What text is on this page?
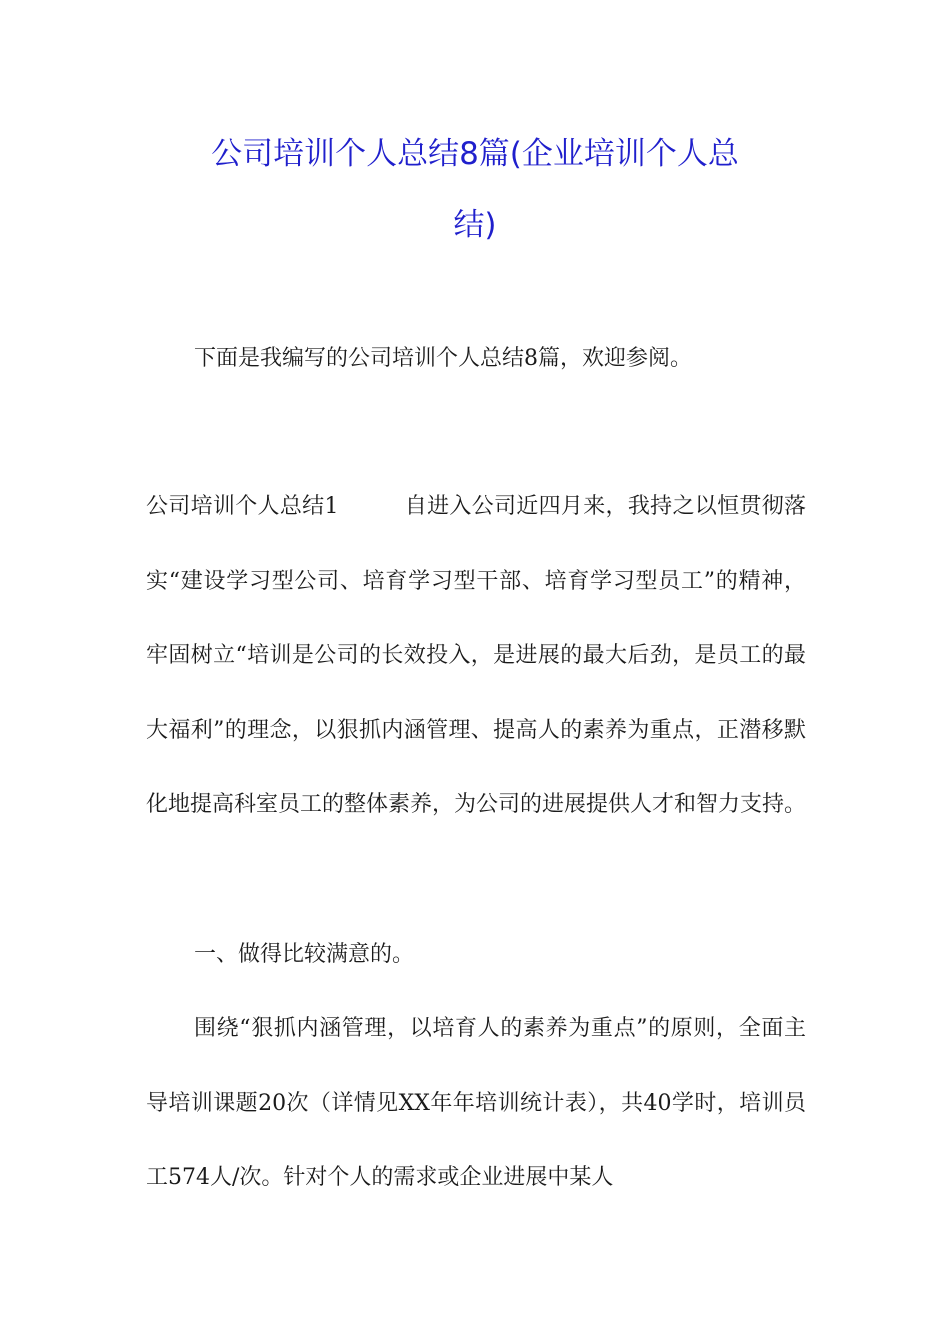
公司培训个人总结8篇(企业培训个人总
结)
下面是我编写的公司培训个人总结8篇，欢迎参阅。
公司培训个人总结1	自进入公司近四月来，我持之以恒贯彻落实“建设学习型公司、培育学习型干部、培育学习型员工”的精神，牢固树立“培训是公司的长效投入，是进展的最大后劲，是员工的最大福利”的理念，以狠抓内涵管理、提高人的素养为重点，正潜移默化地提高科室员工的整体素养，为公司的进展提供人才和智力支持。
一、做得比较满意的。
围绕“狠抓内涵管理，以培育人的素养为重点”的原则，全面主导培训课题20次（详情见XX年年培训统计表），共40学时，培训员工574人/次。针对个人的需求或企业进展中某人
